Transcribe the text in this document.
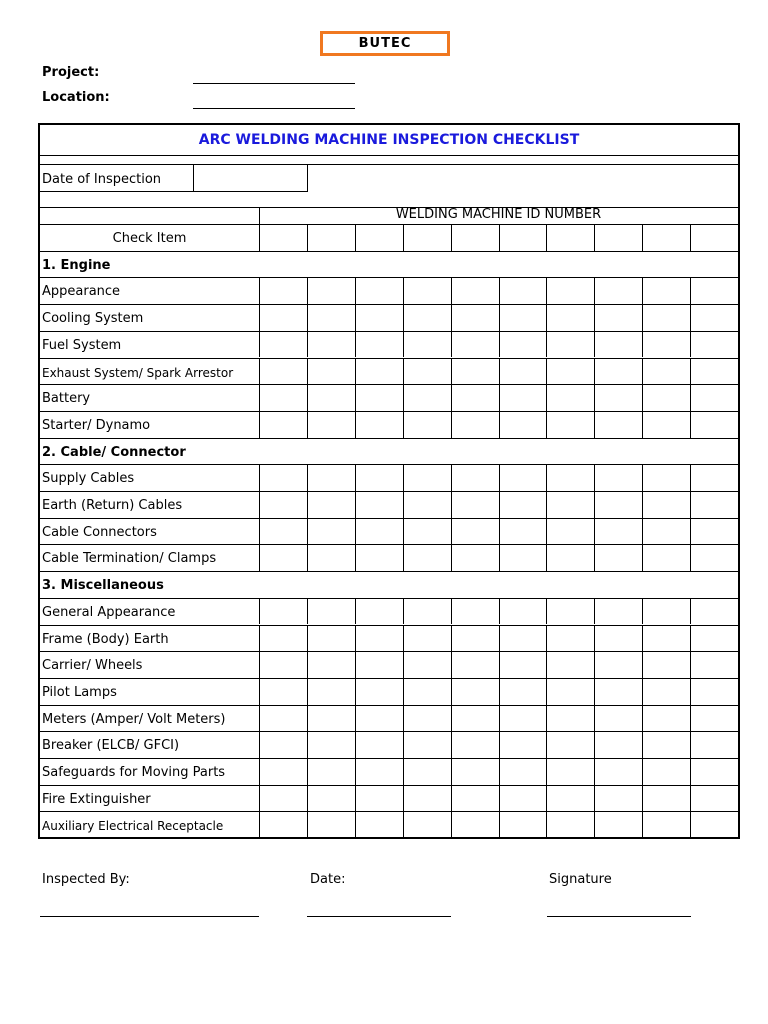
BUTEC
Project:
Location:
ARC WELDING MACHINE INSPECTION CHECKLIST
Date of Inspection
WELDING MACHINE ID NUMBER
Check Item
1. Engine
Appearance
Cooling System
Fuel System
Exhaust System/ Spark Arrestor
Battery
Starter/ Dynamo
2. Cable/ Connector
Supply Cables
Earth (Return) Cables
Cable Connectors
Cable Termination/ Clamps
3. Miscellaneous
General Appearance
Frame (Body) Earth
Carrier/ Wheels
Pilot Lamps
Meters (Amper/ Volt Meters)
Breaker (ELCB/ GFCI)
Safeguards for Moving Parts
Fire Extinguisher
Auxiliary Electrical Receptacle
Inspected By:	Date:	Signature
